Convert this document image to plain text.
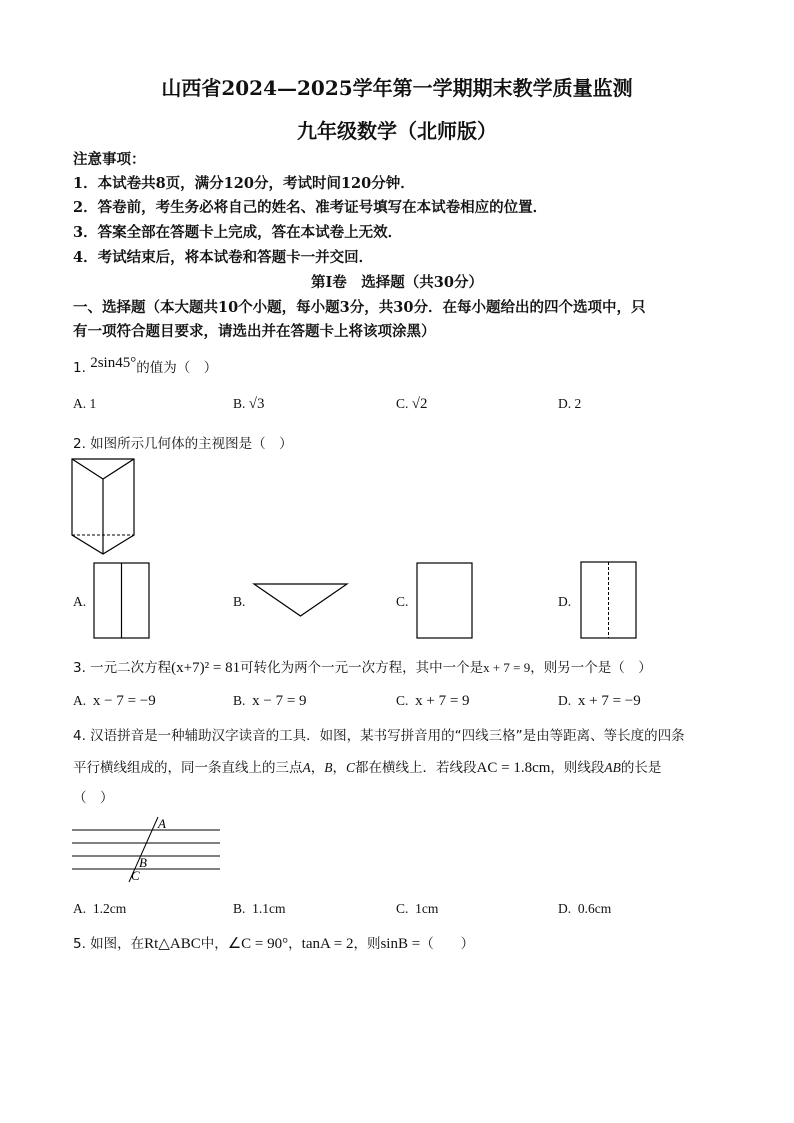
山西省2024—2025学年第一学期期末教学质量监测
九年级数学（北师版）
注意事项：
1．本试卷共8页，满分120分，考试时间120分钟．
2．答卷前，考生务必将自己的姓名、准考证号填写在本试卷相应的位置．
3．答案全部在答题卡上完成，答在本试卷上无效．
4．考试结束后，将本试卷和答题卡一并交回．
第Ⅰ卷　选择题（共30分）
一、选择题（本大题共10个小题，每小题3分，共30分．在每小题给出的四个选项中，只
有一项符合题目要求，请选出并在答题卡上将该项涂黑）
1. 2sin45°的值为（　）
A. 1	B. √3	C. √2	D. 2
2. 如图所示几何体的主视图是（　）
A.	B.	C.	D.
3. 一元二次方程(x+7)² = 81可转化为两个一元一次方程，其中一个是x + 7 = 9，则另一个是（　）
A. x − 7 = −9	B. x − 7 = 9	C. x + 7 = 9	D. x + 7 = −9
4. 汉语拼音是一种辅助汉字读音的工具．如图，某书写拼音用的“四线三格”是由等距离、等长度的四条
平行横线组成的，同一条直线上的三点A，B，C都在横线上．若线段AC = 1.8cm，则线段AB的长是
（　）
A
B
C
A. 1.2cm	B. 1.1cm	C. 1cm	D. 0.6cm
5. 如图，在Rt△ABC中，∠C = 90°，tanA = 2，则sinB =（　　）
